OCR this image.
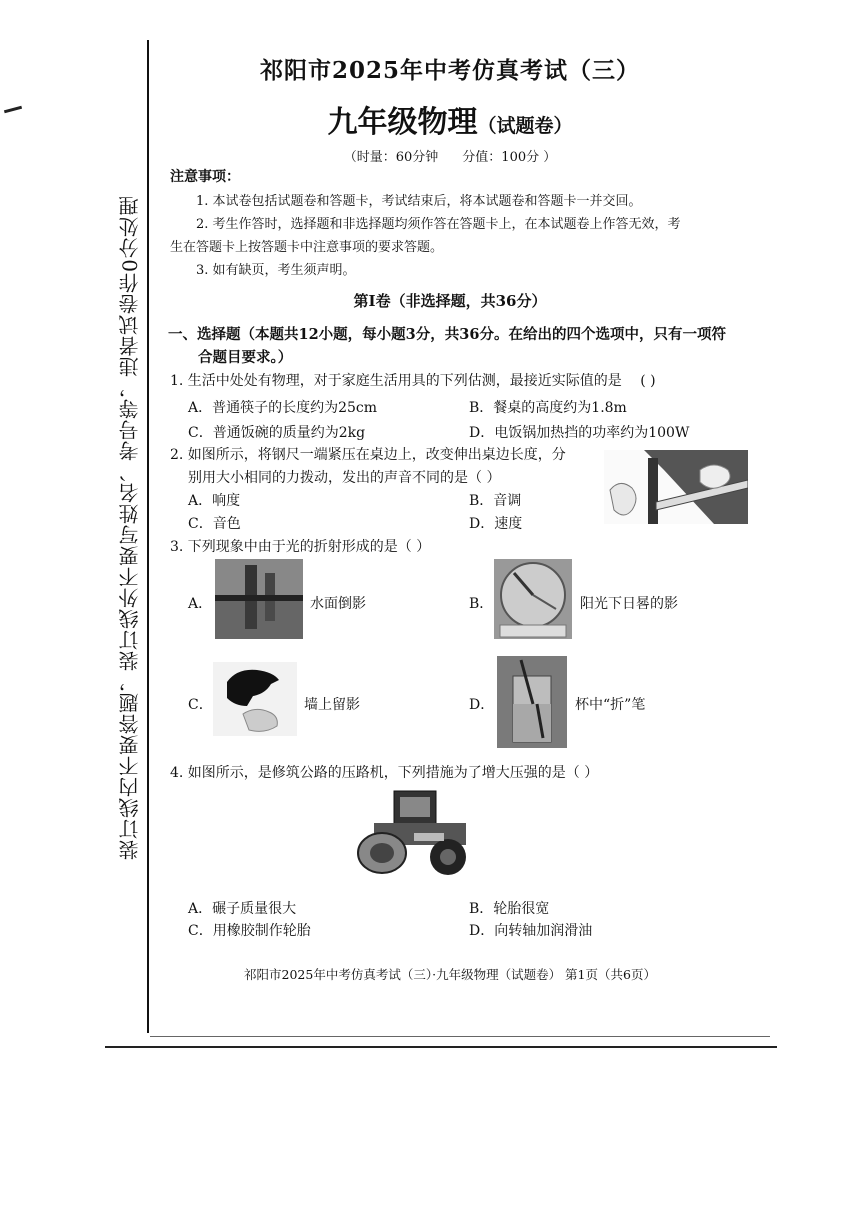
装订线内不要答题，装订线外不要写姓名、考号等，违者试卷作0分处理
祁阳市2025年中考仿真考试（三）
九年级物理（试题卷）
（时量：60分钟 分值：100分 ）
注意事项：
1. 本试卷包括试题卷和答题卡，考试结束后，将本试题卷和答题卡一并交回。
2. 考生作答时，选择题和非选择题均须作答在答题卡上，在本试题卷上作答无效，考
生在答题卡上按答题卡中注意事项的要求答题。
3. 如有缺页，考生须声明。
第Ⅰ卷（非选择题，共36分）
一、选择题（本题共12小题，每小题3分，共36分。在给出的四个选项中，只有一项符
合题目要求。）
1. 生活中处处有物理，对于家庭生活用具的下列估测，最接近实际值的是 ( )
A．普通筷子的长度约为25cm	B．餐桌的高度约为1.8m
C．普通饭碗的质量约为2kg	D．电饭锅加热挡的功率约为100W
2. 如图所示，将钢尺一端紧压在桌边上，改变伸出桌边长度，分
别用大小相同的力拨动，发出的声音不同的是（ ）
A．响度	B．音调
C．音色	D．速度
3. 下列现象中由于光的折射形成的是（ ）
A．	水面倒影	B．	阳光下日晷的影
C．	墙上留影	D．	杯中“折”笔
4. 如图所示，是修筑公路的压路机，下列措施为了增大压强的是（ ）
A．碾子质量很大	B．轮胎很宽
C．用橡胶制作轮胎	D．向转轴加润滑油
祁阳市2025年中考仿真考试（三）·九年级物理（试题卷） 第1页（共6页）
